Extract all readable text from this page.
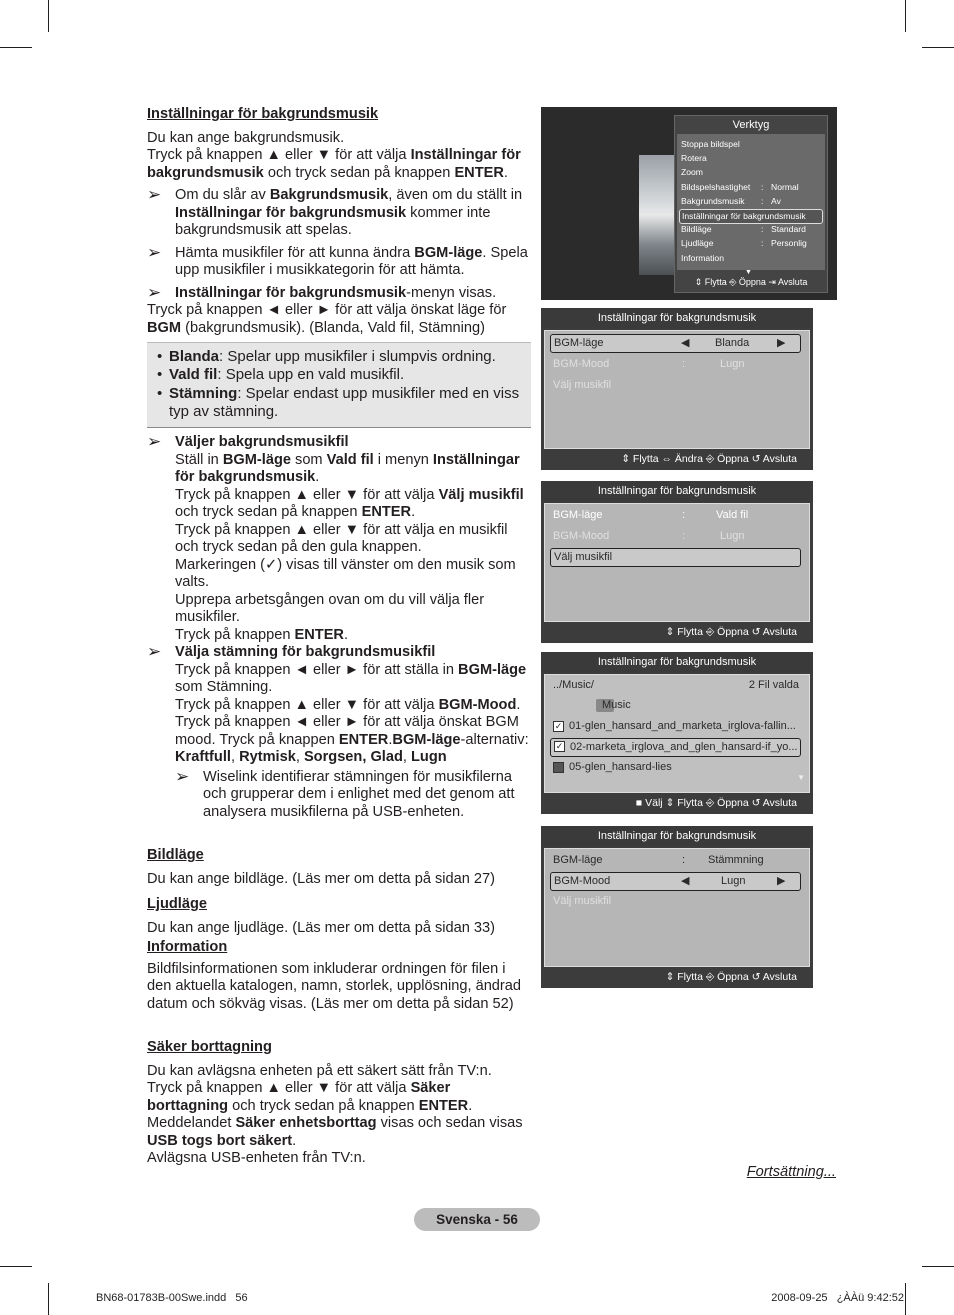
Inställningar för bakgrundsmusik
Du kan ange bakgrundsmusik.
Tryck på knappen ▲ eller ▼ för att välja Inställningar för bakgrundsmusik och tryck sedan på knappen ENTER.
➢ Om du slår av Bakgrundsmusik, även om du ställt in Inställningar för bakgrundsmusik kommer inte bakgrundsmusik att spelas.
➢ Hämta musikfiler för att kunna ändra BGM-läge. Spela upp musikfiler i musikkategorin för att hämta.
➢ Inställningar för bakgrundsmusik-menyn visas.
Tryck på knappen ◄ eller ► för att välja önskat läge för BGM (bakgrundsmusik). (Blanda, Vald fil, Stämning)
• Blanda: Spelar upp musikfiler i slumpvis ordning.
• Vald fil: Spela upp en vald musikfil.
• Stämning: Spelar endast upp musikfiler med en viss typ av stämning.
➢ Väljer bakgrundsmusikfil
Ställ in BGM-läge som Vald fil i menyn Inställningar för bakgrundsmusik.
Tryck på knappen ▲ eller ▼ för att välja Välj musikfil och tryck sedan på knappen ENTER.
Tryck på knappen ▲ eller ▼ för att välja en musikfil och tryck sedan på den gula knappen.
Markeringen (✓) visas till vänster om den musik som valts.
Upprepa arbetsgången ovan om du vill välja fler musikfiler.
Tryck på knappen ENTER.
➢ Välja stämning för bakgrundsmusikfil
Tryck på knappen ◄ eller ► för att ställa in BGM-läge som Stämning.
Tryck på knappen ▲ eller ▼ för att välja BGM-Mood. Tryck på knappen ◄ eller ► för att välja önskat BGM mood. Tryck på knappen ENTER.BGM-läge-alternativ: Kraftfull, Rytmisk, Sorgsen, Glad, Lugn
➢ Wiselink identifierar stämningen för musikfilerna och grupperar dem i enlighet med det genom att analysera musikfilerna på USB-enheten.
Bildläge
Du kan ange bildläge. (Läs mer om detta på sidan 27)
Ljudläge
Du kan ange ljudläge. (Läs mer om detta på sidan 33)
Information
Bildfilsinformationen som inkluderar ordningen för filen i den aktuella katalogen, namn, storlek, upplösning, ändrad datum och sökväg visas. (Läs mer om detta på sidan 52)
Säker borttagning
Du kan avlägsna enheten på ett säkert sätt från TV:n.
Tryck på knappen ▲ eller ▼ för att välja Säker borttagning och tryck sedan på knappen ENTER.
Meddelandet Säker enhetsborttag visas och sedan visas USB togs bort säkert.
Avlägsna USB-enheten från TV:n.
Fortsättning...
Svenska - 56
BN68-01783B-00Swe.indd   56	2008-09-25   ¿ÀÀü 9:42:52
Verktyg
Stoppa bildspel
Rotera
Zoom
Bildspelshastighet : Normal
Bakgrundsmusik : Av
Inställningar för bakgrundsmusik
Bildläge	: Standard
Ljudläge	: Personlig
Information
▼
⇕ Flytta ⎆ Öppna ⇥ Avsluta
Inställningar för bakgrundsmusik
BGM-läge	◀ Blanda	▶
BGM-Mood	:	Lugn
Välj musikfil
⇕ Flytta ⇔ Ändra ⎆ Öppna ↺ Avsluta
Inställningar för bakgrundsmusik
BGM-läge	:	Vald fil
BGM-Mood	:	Lugn
Välj musikfil
⇕ Flytta ⎆ Öppna ↺ Avsluta
Inställningar för bakgrundsmusik
../Music/	2 Fil valda
Music
✓ 01-glen_hansard_and_marketa_irglova-fallin...
✓ 02-marketa_irglova_and_glen_hansard-if_yo...
05-glen_hansard-lies
▼
■ Välj ⇕ Flytta ⎆ Öppna ↺ Avsluta
Inställningar för bakgrundsmusik
BGM-läge	: Stämmning
BGM-Mood	◀	Lugn	▶
Välj musikfil
⇕ Flytta ⎆ Öppna ↺ Avsluta
